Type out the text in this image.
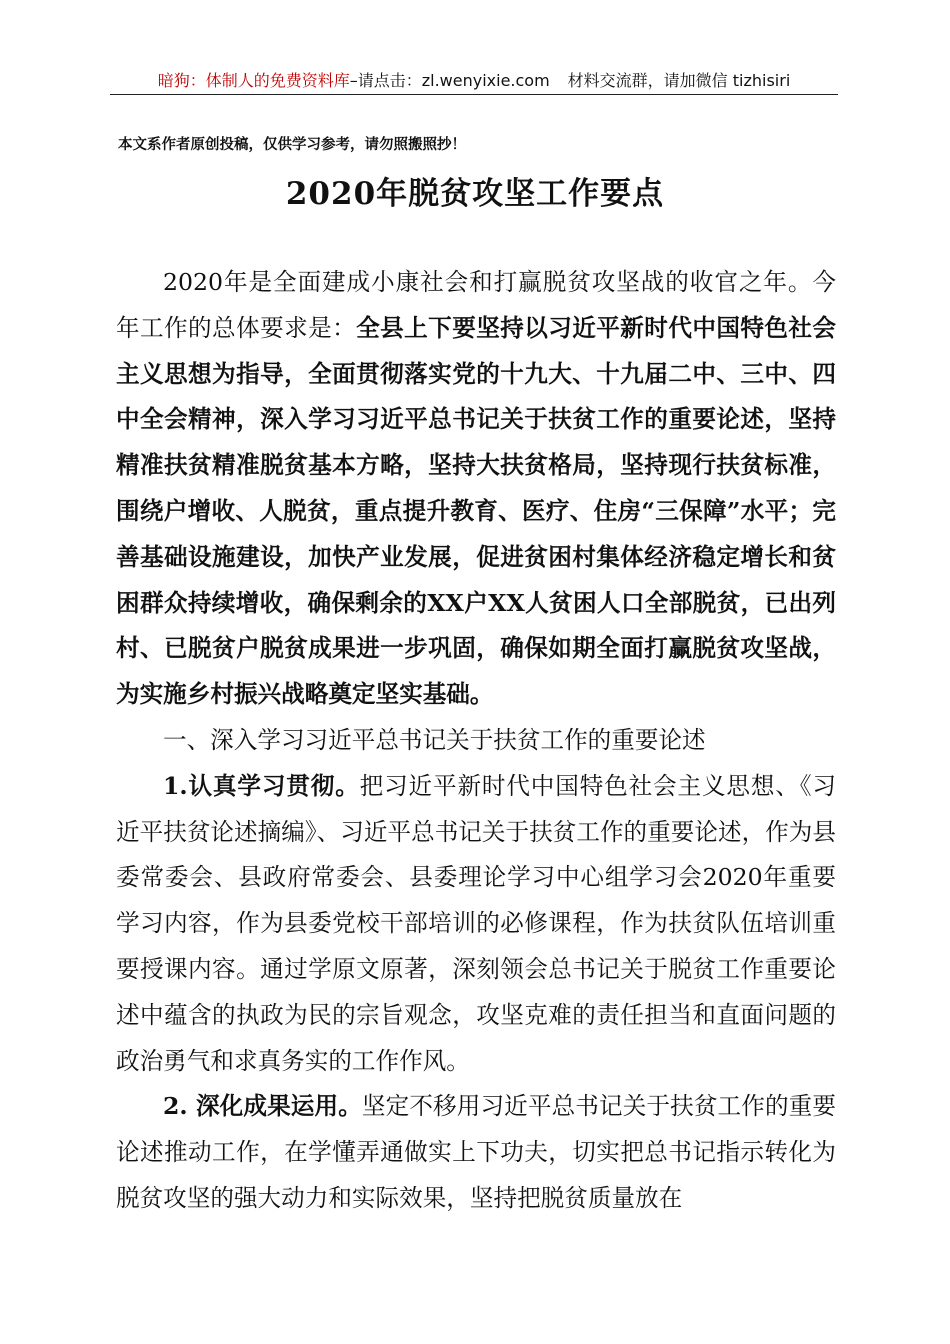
暗狗：体制人的免费资料库–请点击：zl.wenyixie.com 材料交流群，请加微信 tizhisiri
本文系作者原创投稿，仅供学习参考，请勿照搬照抄！
2020年脱贫攻坚工作要点

2020年是全面建成小康社会和打赢脱贫攻坚战的收官之年。今年工作的总体要求是：全县上下要坚持以习近平新时代中国特色社会主义思想为指导，全面贯彻落实党的十九大、十九届二中、三中、四中全会精神，深入学习习近平总书记关于扶贫工作的重要论述，坚持精准扶贫精准脱贫基本方略，坚持大扶贫格局，坚持现行扶贫标准，围绕户增收、人脱贫，重点提升教育、医疗、住房“三保障”水平；完善基础设施建设，加快产业发展，促进贫困村集体经济稳定增长和贫困群众持续增收，确保剩余的XX户XX人贫困人口全部脱贫，已出列村、已脱贫户脱贫成果进一步巩固，确保如期全面打赢脱贫攻坚战，为实施乡村振兴战略奠定坚实基础。

一、深入学习习近平总书记关于扶贫工作的重要论述

1.认真学习贯彻。把习近平新时代中国特色社会主义思想、《习近平扶贫论述摘编》、习近平总书记关于扶贫工作的重要论述，作为县委常委会、县政府常委会、县委理论学习中心组学习会2020年重要学习内容，作为县委党校干部培训的必修课程，作为扶贫队伍培训重要授课内容。通过学原文原著，深刻领会总书记关于脱贫工作重要论述中蕴含的执政为民的宗旨观念，攻坚克难的责任担当和直面问题的政治勇气和求真务实的工作作风。

2. 深化成果运用。坚定不移用习近平总书记关于扶贫工作的重要论述推动工作，在学懂弄通做实上下功夫，切实把总书记指示转化为脱贫攻坚的强大动力和实际效果，坚持把脱贫质量放在
